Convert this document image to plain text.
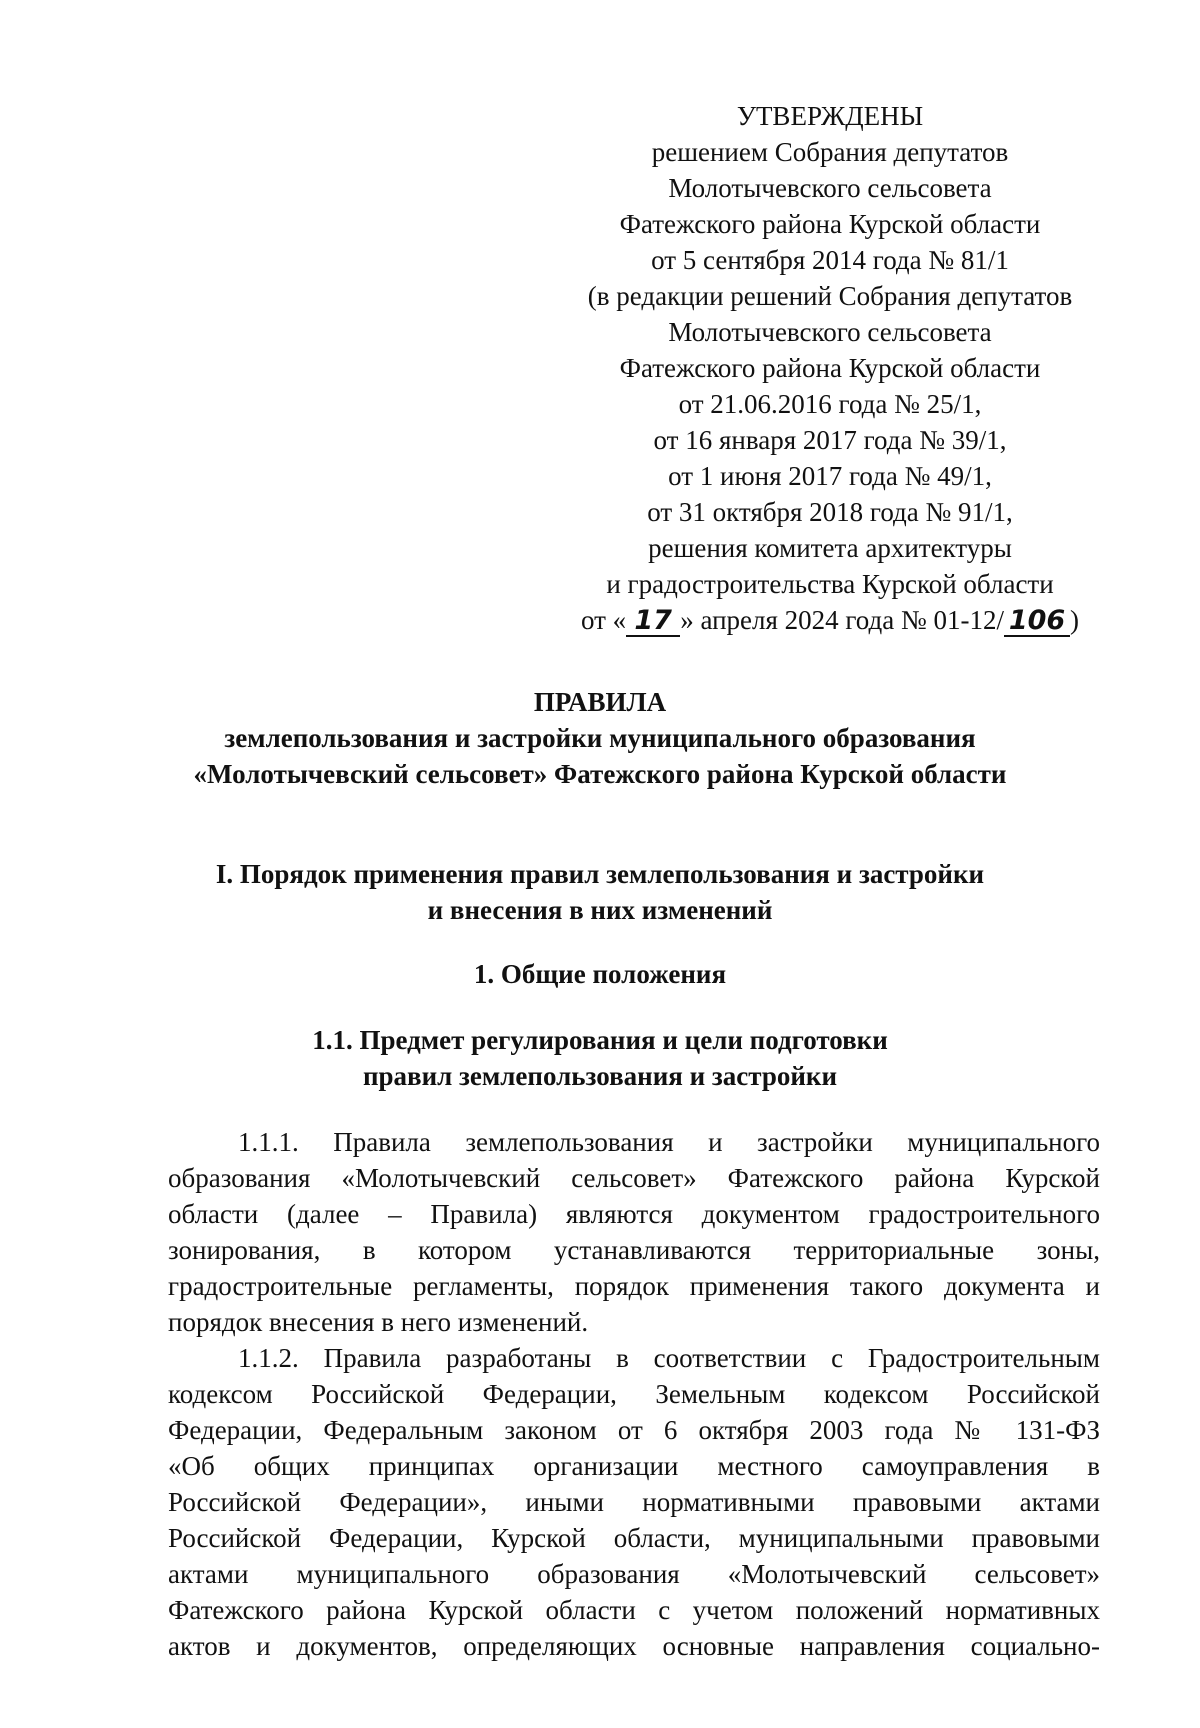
УТВЕРЖДЕНЫ
решением Собрания депутатов
Молотычевского сельсовета
Фатежского района Курской области
от 5 сентября 2014 года № 81/1
(в редакции решений Собрания депутатов
Молотычевского сельсовета
Фатежского района Курской области
от 21.06.2016 года № 25/1,
от 16 января 2017 года № 39/1,
от 1 июня 2017 года № 49/1,
от 31 октября 2018 года № 91/1,
решения комитета архитектуры
и градостроительства Курской области
от « 17 » апреля 2024 года № 01-12/ 106 )
ПРАВИЛА
землепользования и застройки муниципального образования
«Молотычевский сельсовет» Фатежского района Курской области
I. Порядок применения правил землепользования и застройки
и внесения в них изменений
1. Общие положения
1.1. Предмет регулирования и цели подготовки
правил землепользования и застройки
1.1.1. Правила землепользования и застройки муниципального
образования «Молотычевский сельсовет» Фатежского района Курской
области (далее – Правила) являются документом градостроительного
зонирования, в котором устанавливаются территориальные зоны,
градостроительные регламенты, порядок применения такого документа и
порядок внесения в него изменений.
1.1.2. Правила разработаны в соответствии с Градостроительным
кодексом Российской Федерации, Земельным кодексом Российской
Федерации, Федеральным законом от 6 октября 2003 года № 131-ФЗ
«Об общих принципах организации местного самоуправления в
Российской Федерации», иными нормативными правовыми актами
Российской Федерации, Курской области, муниципальными правовыми
актами муниципального образования «Молотычевский сельсовет»
Фатежского района Курской области с учетом положений нормативных
актов и документов, определяющих основные направления социально-
